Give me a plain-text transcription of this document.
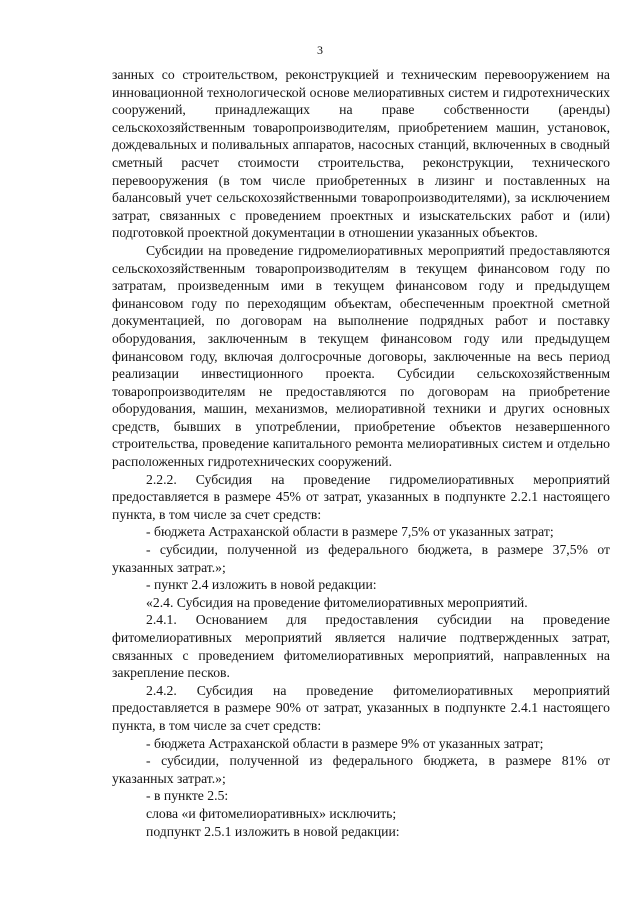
3

занных со строительством, реконструкцией и техническим перевооружением на инновационной технологической основе мелиоративных систем и гидротехнических сооружений, принадлежащих на праве собственности (аренды) сельскохозяйственным товаропроизводителям, приобретением машин, установок, дождевальных и поливальных аппаратов, насосных станций, включенных в сводный сметный расчет стоимости строительства, реконструкции, технического перевооружения (в том числе приобретенных в лизинг и поставленных на балансовый учет сельскохозяйственными товаропроизводителями), за исключением затрат, связанных с проведением проектных и изыскательских работ и (или) подготовкой проектной документации в отношении указанных объектов.

Субсидии на проведение гидромелиоративных мероприятий предоставляются сельскохозяйственным товаропроизводителям в текущем финансовом году по затратам, произведенным ими в текущем финансовом году и предыдущем финансовом году по переходящим объектам, обеспеченным проектной сметной документацией, по договорам на выполнение подрядных работ и поставку оборудования, заключенным в текущем финансовом году или предыдущем финансовом году, включая долгосрочные договоры, заключенные на весь период реализации инвестиционного проекта. Субсидии сельскохозяйственным товаропроизводителям не предоставляются по договорам на приобретение оборудования, машин, механизмов, мелиоративной техники и других основных средств, бывших в употреблении, приобретение объектов незавершенного строительства, проведение капитального ремонта мелиоративных систем и отдельно расположенных гидротехнических сооружений.

2.2.2. Субсидия на проведение гидромелиоративных мероприятий предоставляется в размере 45% от затрат, указанных в подпункте 2.2.1 настоящего пункта, в том числе за счет средств:

- бюджета Астраханской области в размере 7,5% от указанных затрат;

- субсидии, полученной из федерального бюджета, в размере 37,5% от указанных затрат.»;

- пункт 2.4 изложить в новой редакции:

«2.4. Субсидия на проведение фитомелиоративных мероприятий.

2.4.1. Основанием для предоставления субсидии на проведение фитомелиоративных мероприятий является наличие подтвержденных затрат, связанных с проведением фитомелиоративных мероприятий, направленных на закрепление песков.

2.4.2. Субсидия на проведение фитомелиоративных мероприятий предоставляется в размере 90% от затрат, указанных в подпункте 2.4.1 настоящего пункта, в том числе за счет средств:

- бюджета Астраханской области в размере 9% от указанных затрат;

- субсидии, полученной из федерального бюджета, в размере 81% от указанных затрат.»;

- в пункте 2.5:

слова «и фитомелиоративных» исключить;

подпункт 2.5.1 изложить в новой редакции:
